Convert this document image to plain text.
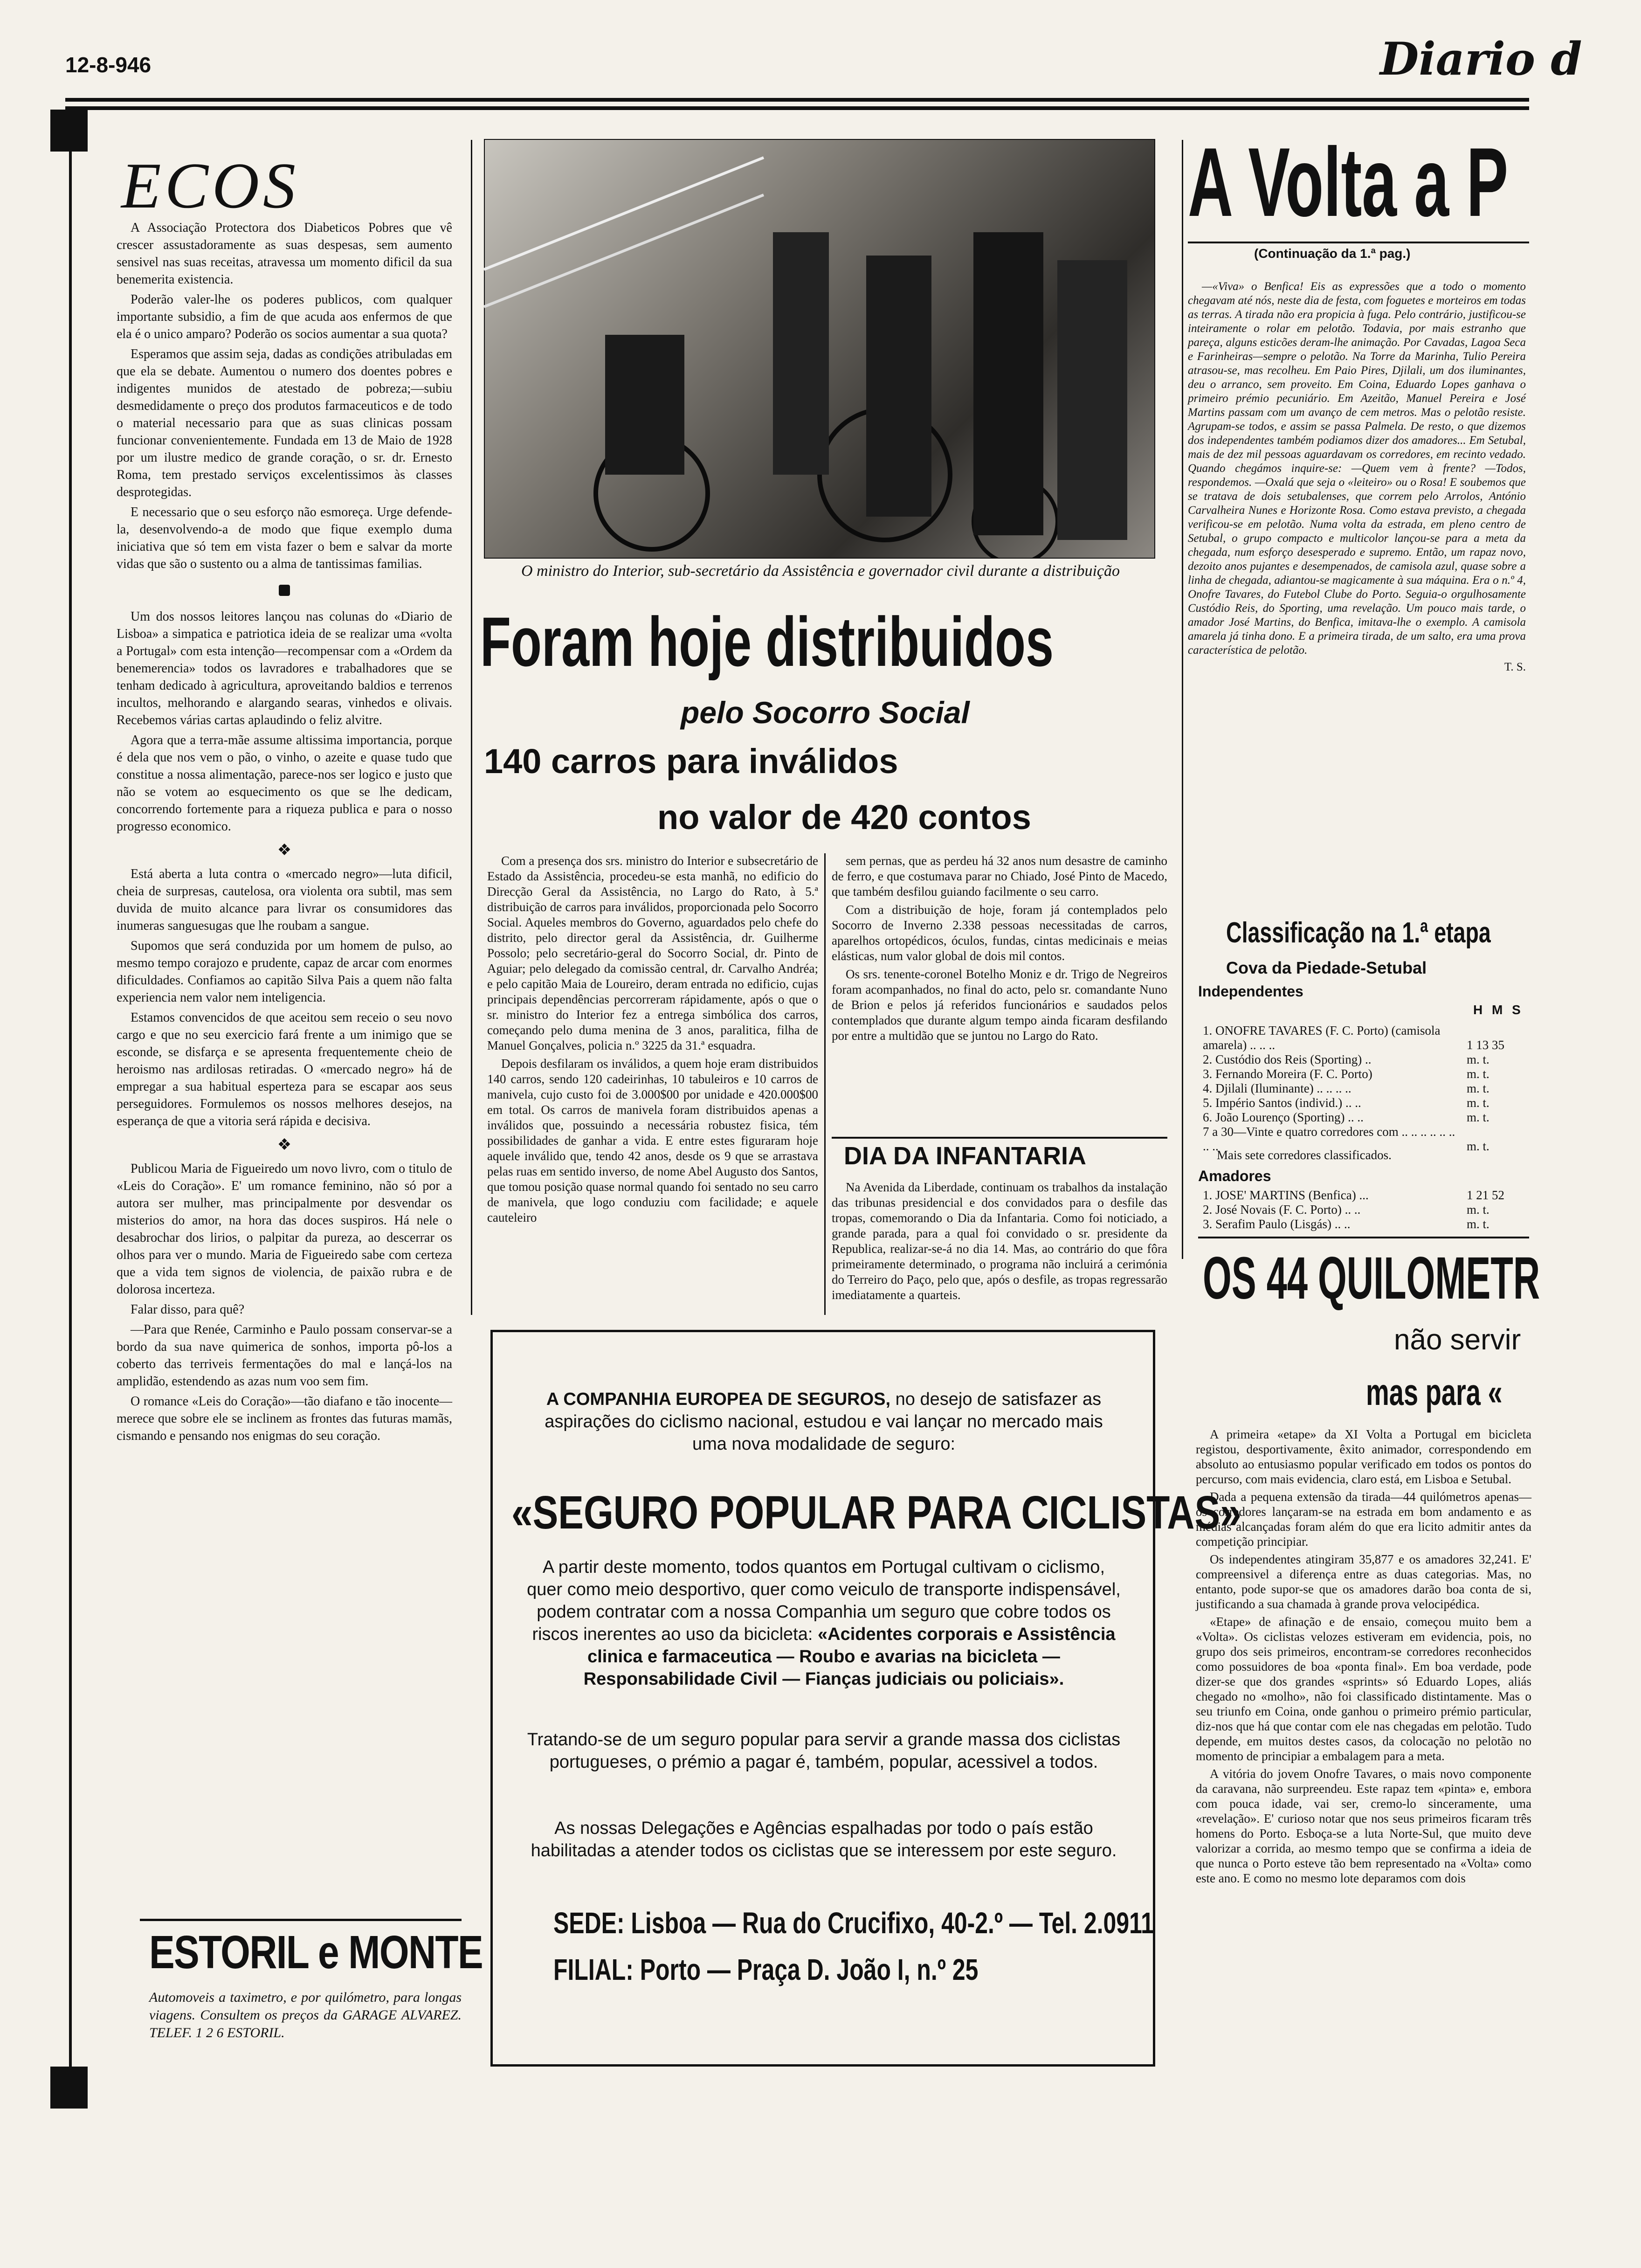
12-8-946	Diario d
ECOS

A Associação Protectora dos Diabeticos Pobres que vê crescer assustadoramente as suas despesas, sem aumento sensivel nas suas receitas, atravessa um momento dificil da sua benemerita existencia.

Poderão valer-lhe os poderes publicos, com qualquer importante subsidio, a fim de que acuda aos enfermos de que ela é o unico amparo? Poderão os socios aumentar a sua quota?

Esperamos que assim seja, dadas as condições atribuladas em que ela se debate. Aumentou o numero dos doentes pobres e indigentes munidos de atestado de pobreza;—subiu desmedidamente o preço dos produtos farmaceuticos e de todo o material necessario para que as suas clinicas possam funcionar convenientemente. Fundada em 13 de Maio de 1928 por um ilustre medico de grande coração, o sr. dr. Ernesto Roma, tem prestado serviços excelentissimos às classes desprotegidas.

E necessario que o seu esforço não esmoreça. Urge defende-la, desenvolvendo-a de modo que fique exemplo duma iniciativa que só tem em vista fazer o bem e salvar da morte vidas que são o sustento ou a alma de tantissimas familias.

Um dos nossos leitores lançou nas colunas do «Diario de Lisboa» a simpatica e patriotica ideia de se realizar uma «volta a Portugal» com esta intenção—recompensar com a «Ordem da benemerencia» todos os lavradores e trabalhadores que se tenham dedicado à agricultura, aproveitando baldios e terrenos incultos, melhorando e alargando searas, vinhedos e olivais. Recebemos várias cartas aplaudindo o feliz alvitre.

Agora que a terra-mãe assume altissima importancia, porque é dela que nos vem o pão, o vinho, o azeite e quase tudo que constitue a nossa alimentação, parece-nos ser logico e justo que não se votem ao esquecimento os que se lhe dedicam, concorrendo fortemente para a riqueza publica e para o nosso progresso economico.

❖

Está aberta a luta contra o «mercado negro»—luta dificil, cheia de surpresas, cautelosa, ora violenta ora subtil, mas sem duvida de muito alcance para livrar os consumidores das inumeras sanguesugas que lhe roubam a sangue.

Supomos que será conduzida por um homem de pulso, ao mesmo tempo corajozo e prudente, capaz de arcar com enormes dificuldades. Confiamos ao capitão Silva Pais a quem não falta experiencia nem valor nem inteligencia.

Estamos convencidos de que aceitou sem receio o seu novo cargo e que no seu exercicio fará frente a um inimigo que se esconde, se disfarça e se apresenta frequentemente cheio de heroismo nas ardilosas retiradas. O «mercado negro» há de empregar a sua habitual esperteza para se escapar aos seus perseguidores. Formulemos os nossos melhores desejos, na esperança de que a vitoria será rápida e decisiva.

❖

Publicou Maria de Figueiredo um novo livro, com o titulo de «Leis do Coração». E' um romance feminino, não só por a autora ser mulher, mas principalmente por desvendar os misterios do amor, na hora das doces suspiros. Há nele o desabrochar dos lirios, o palpitar da pureza, ao descerrar os olhos para ver o mundo. Maria de Figueiredo sabe com certeza que a vida tem signos de violencia, de paixão rubra e de dolorosa incerteza.

Falar disso, para quê?

—Para que Renée, Carminho e Paulo possam conservar-se a bordo da sua nave quimerica de sonhos, importa pô-los a coberto das terriveis fermentações do mal e lançá-los na amplidão, estendendo as azas num voo sem fim.

O romance «Leis do Coração»—tão diafano e tão inocente—merece que sobre ele se inclinem as frontes das futuras mamãs, cismando e pensando nos enigmas do seu coração.

ESTORIL e MONTE
Automoveis a taximetro, e por quilómetro, para longas viagens. Consultem os preços da GARAGE ALVAREZ. TELEF. 1 2 6 ESTORIL.
O ministro do Interior, sub-secretário da Assistência e governador civil durante a distribuição
Foram hoje distribuidos
pelo Socorro Social
140 carros para inválidos
no valor de 420 contos

Com a presença dos srs. ministro do Interior e subsecretário de Estado da Assistência, procedeu-se esta manhã, no edificio do Direcção Geral da Assistência, no Largo do Rato, à 5.ª distribuição de carros para inválidos, proporcionada pelo Socorro Social. Aqueles membros do Governo, aguardados pelo chefe do distrito, pelo director geral da Assistência, dr. Guilherme Possolo; pelo secretário-geral do Socorro Social, dr. Pinto de Aguiar; pelo delegado da comissão central, dr. Carvalho Andréa; e pelo capitão Maia de Loureiro, deram entrada no edificio, cujas principais dependências percorreram rápidamente, após o que o sr. ministro do Interior fez a entrega simbólica dos carros, começando pelo duma menina de 3 anos, paralitica, filha de Manuel Gonçalves, policia n.º 3225 da 31.ª esquadra.

Depois desfilaram os inválidos, a quem hoje eram distribuidos 140 carros, sendo 120 cadeirinhas, 10 tabuleiros e 10 carros de manivela, cujo custo foi de 3.000$00 por unidade e 420.000$00 em total. Os carros de manivela foram distribuidos apenas a inválidos que, possuindo a necessária robustez fisica, tém possibilidades de ganhar a vida. E entre estes figuraram hoje aquele inválido que, tendo 42 anos, desde os 9 que se arrastava pelas ruas em sentido inverso, de nome Abel Augusto dos Santos, que tomou posição quase normal quando foi sentado no seu carro de manivela, que logo conduziu com facilidade; e aquele cauteleiro

sem pernas, que as perdeu há 32 anos num desastre de caminho de ferro, e que costumava parar no Chiado, José Pinto de Macedo, que também desfilou guiando facilmente o seu carro.

Com a distribuição de hoje, foram já contemplados pelo Socorro de Inverno 2.338 pessoas necessitadas de carros, aparelhos ortopédicos, óculos, fundas, cintas medicinais e meias elásticas, num valor global de dois mil contos.

Os srs. tenente-coronel Botelho Moniz e dr. Trigo de Negreiros foram acompanhados, no final do acto, pelo sr. comandante Nuno de Brion e pelos já referidos funcionários e saudados pelos contemplados que durante algum tempo ainda ficaram desfilando por entre a multidão que se juntou no Largo do Rato.

DIA DA INFANTARIA

Na Avenida da Liberdade, continuam os trabalhos da instalação das tribunas presidencial e dos convidados para o desfile das tropas, comemorando o Dia da Infantaria. Como foi noticiado, a grande parada, para a qual foi convidado o sr. presidente da Republica, realizar-se-á no dia 14. Mas, ao contrário do que fôra primeiramente determinado, o programa não incluirá a cerimónia do Terreiro do Paço, pelo que, após o desfile, as tropas regressarão imediatamente a quarteis.

A COMPANHIA EUROPEA DE SEGUROS, no desejo de satisfazer as aspirações do ciclismo nacional, estudou e vai lançar no mercado mais uma nova modalidade de seguro:
«SEGURO POPULAR PARA CICLISTAS»
A partir deste momento, todos quantos em Portugal cultivam o ciclismo, quer como meio desportivo, quer como veiculo de transporte indispensável, podem contratar com a nossa Companhia um seguro que cobre todos os riscos inerentes ao uso da bicicleta: «Acidentes corporais e Assistência clinica e farmaceutica — Roubo e avarias na bicicleta — Responsabilidade Civil — Fianças judiciais ou policiais».
Tratando-se de um seguro popular para servir a grande massa dos ciclistas portugueses, o prémio a pagar é, também, popular, acessivel a todos.
As nossas Delegações e Agências espalhadas por todo o país estão habilitadas a atender todos os ciclistas que se interessem por este seguro.
SEDE: Lisboa — Rua do Crucifixo, 40-2.º — Tel. 2.0911
FILIAL: Porto — Praça D. João I, n.º 25
A Volta a P
(Continuação da 1.ª pag.)

—«Viva» o Benfica! Eis as expressões que a todo o momento chegavam até nós, neste dia de festa, com foguetes e morteiros em todas as terras. A tirada não era propicia à fuga. Pelo contrário, justificou-se inteiramente o rolar em pelotão. Todavia, por mais estranho que pareça, alguns esticões deram-lhe animação. Por Cavadas, Lagoa Seca e Farinheiras—sempre o pelotão. Na Torre da Marinha, Tulio Pereira atrasou-se, mas recolheu. Em Paio Pires, Djilali, um dos iluminantes, deu o arranco, sem proveito. Em Coina, Eduardo Lopes ganhava o primeiro prémio pecuniário. Em Azeitão, Manuel Pereira e José Martins passam com um avanço de cem metros. Mas o pelotão resiste. Agrupam-se todos, e assim se passa Palmela. De resto, o que dizemos dos independentes também podiamos dizer dos amadores... Em Setubal, mais de dez mil pessoas aguardavam os corredores, em recinto vedado. Quando chegámos inquire-se: —Quem vem à frente? —Todos, respondemos. —Oxalá que seja o «leiteiro» ou o Rosa! E soubemos que se tratava de dois setubalenses, que correm pelo Arrolos, António Carvalheira Nunes e Horizonte Rosa. Como estava previsto, a chegada verificou-se em pelotão. Numa volta da estrada, em pleno centro de Setubal, o grupo compacto e multicolor lançou-se para a meta da chegada, num esforço desesperado e supremo. Então, um rapaz novo, dezoito anos pujantes e desempenados, de camisola azul, quase sobre a linha de chegada, adiantou-se magicamente à sua máquina. Era o n.º 4, Onofre Tavares, do Futebol Clube do Porto. Seguia-o orgulhosamente Custódio Reis, do Sporting, uma revelação. Um pouco mais tarde, o amador José Martins, do Benfica, imitava-lhe o exemplo. A camisola amarela já tinha dono. E a primeira tirada, de um salto, era uma prova característica de pelotão.

T. S.
Classificação na 1.ª etapa
Cova da Piedade-Setubal
Independentes
H M S
1. ONOFRE TAVARES (F. C. Porto) (camisola amarela) .. .. ..	1 13 35
2. Custódio dos Reis (Sporting) ..	m. t.
3. Fernando Moreira (F. C. Porto)	m. t.
4. Djilali (Iluminante) .. .. .. ..	m. t.
5. Império Santos (individ.) .. ..	m. t.
6. João Lourenço (Sporting) .. ..	m. t.
7 a 30—Vinte e quatro corredores com .. .. .. .. .. .. .. ..	m. t.
Mais sete corredores classificados.
Amadores
1. JOSE' MARTINS (Benfica) ...	1 21 52
2. José Novais (F. C. Porto) .. ..	m. t.
3. Serafim Paulo (Lisgás) .. ..	m. t.
OS 44 QUILOMETR
não servir
mas para «

A primeira «etape» da XI Volta a Portugal em bicicleta registou, desportivamente, êxito animador, correspondendo em absoluto ao entusiasmo popular verificado em todos os pontos do percurso, com mais evidencia, claro está, em Lisboa e Setubal.

Dada a pequena extensão da tirada—44 quilómetros apenas—os corredores lançaram-se na estrada em bom andamento e as médias alcançadas foram além do que era licito admitir antes da competição principiar.

Os independentes atingiram 35,877 e os amadores 32,241. E' compreensivel a diferença entre as duas categorias. Mas, no entanto, pode supor-se que os amadores darão boa conta de si, justificando a sua chamada à grande prova velocipédica.

«Etape» de afinação e de ensaio, começou muito bem a «Volta». Os ciclistas velozes estiveram em evidencia, pois, no grupo dos seis primeiros, encontram-se corredores reconhecidos como possuidores de boa «ponta final». Em boa verdade, pode dizer-se que dos grandes «sprints» só Eduardo Lopes, aliás chegado no «molho», não foi classificado distintamente. Mas o seu triunfo em Coina, onde ganhou o primeiro prémio particular, diz-nos que há que contar com ele nas chegadas em pelotão. Tudo depende, em muitos destes casos, da colocação no pelotão no momento de principiar a embalagem para a meta.

A vitória do jovem Onofre Tavares, o mais novo componente da caravana, não surpreendeu. Este rapaz tem «pinta» e, embora com pouca idade, vai ser, cremo-lo sinceramente, uma «revelação». E' curioso notar que nos seus primeiros ficaram três homens do Porto. Esboça-se a luta Norte-Sul, que muito deve valorizar a corrida, ao mesmo tempo que se confirma a ideia de que nunca o Porto esteve tão bem representado na «Volta» como este ano. E como no mesmo lote deparamos com dois
